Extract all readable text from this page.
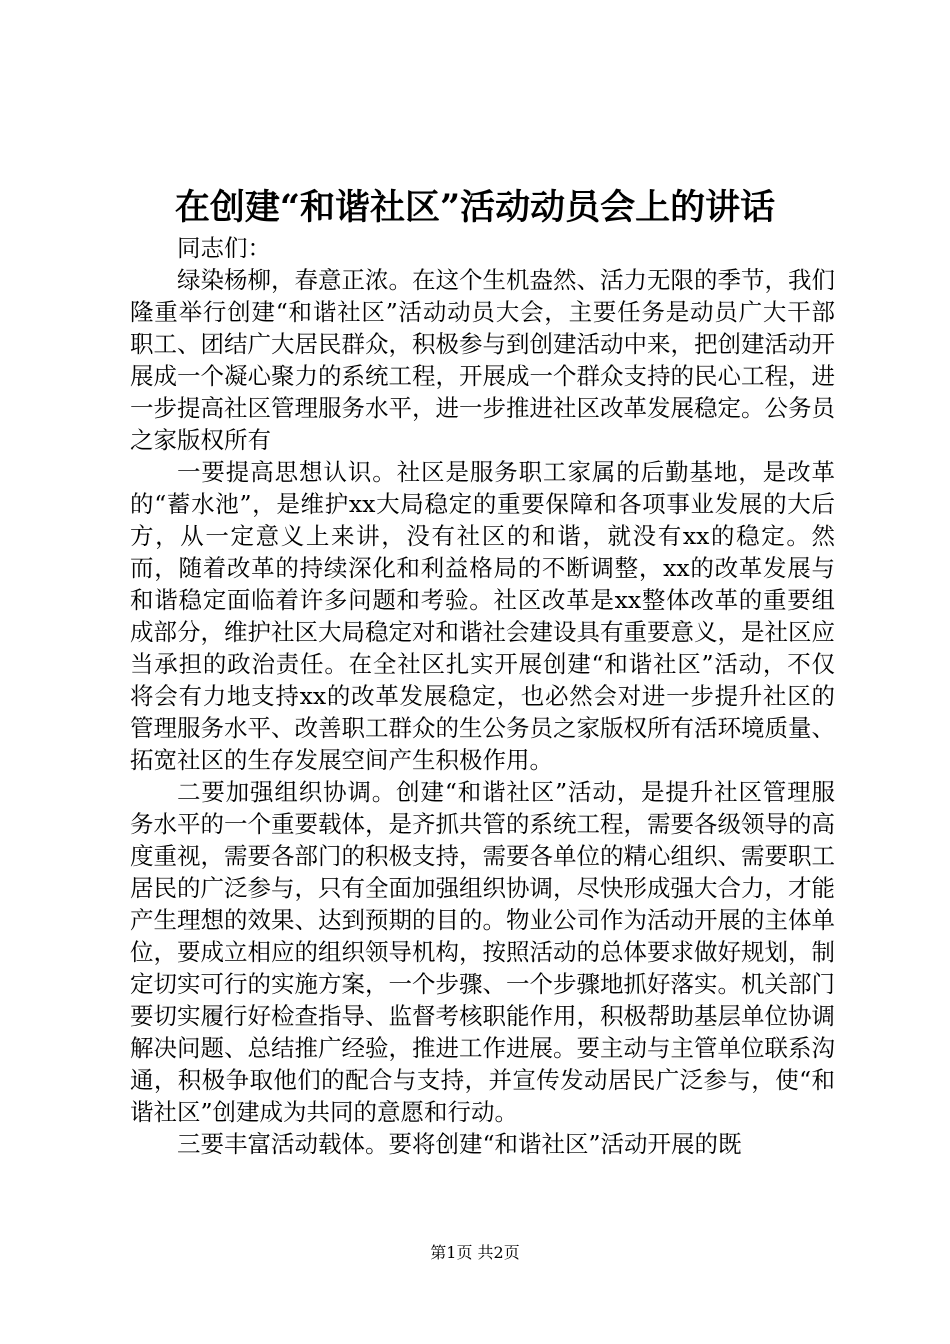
在创建“和谐社区”活动动员会上的讲话

同志们：

绿染杨柳，春意正浓。在这个生机盎然、活力无限的季节，我们隆重举行创建“和谐社区”活动动员大会，主要任务是动员广大干部职工、团结广大居民群众，积极参与到创建活动中来，把创建活动开展成一个凝心聚力的系统工程，开展成一个群众支持的民心工程，进一步提高社区管理服务水平，进一步推进社区改革发展稳定。公务员之家版权所有

一要提高思想认识。社区是服务职工家属的后勤基地，是改革的“蓄水池”，是维护xx大局稳定的重要保障和各项事业发展的大后方，从一定意义上来讲，没有社区的和谐，就没有xx的稳定。然而，随着改革的持续深化和利益格局的不断调整，xx的改革发展与和谐稳定面临着许多问题和考验。社区改革是xx整体改革的重要组成部分，维护社区大局稳定对和谐社会建设具有重要意义，是社区应当承担的政治责任。在全社区扎实开展创建“和谐社区”活动，不仅将会有力地支持xx的改革发展稳定，也必然会对进一步提升社区的管理服务水平、改善职工群众的生公务员之家版权所有活环境质量、拓宽社区的生存发展空间产生积极作用。

二要加强组织协调。创建“和谐社区”活动，是提升社区管理服务水平的一个重要载体，是齐抓共管的系统工程，需要各级领导的高度重视，需要各部门的积极支持，需要各单位的精心组织、需要职工居民的广泛参与，只有全面加强组织协调，尽快形成强大合力，才能产生理想的效果、达到预期的目的。物业公司作为活动开展的主体单位，要成立相应的组织领导机构，按照活动的总体要求做好规划，制定切实可行的实施方案，一个步骤、一个步骤地抓好落实。机关部门要切实履行好检查指导、监督考核职能作用，积极帮助基层单位协调解决问题、总结推广经验，推进工作进展。要主动与主管单位联系沟通，积极争取他们的配合与支持，并宣传发动居民广泛参与，使“和谐社区”创建成为共同的意愿和行动。

三要丰富活动载体。要将创建“和谐社区”活动开展的既

第1页 共2页
